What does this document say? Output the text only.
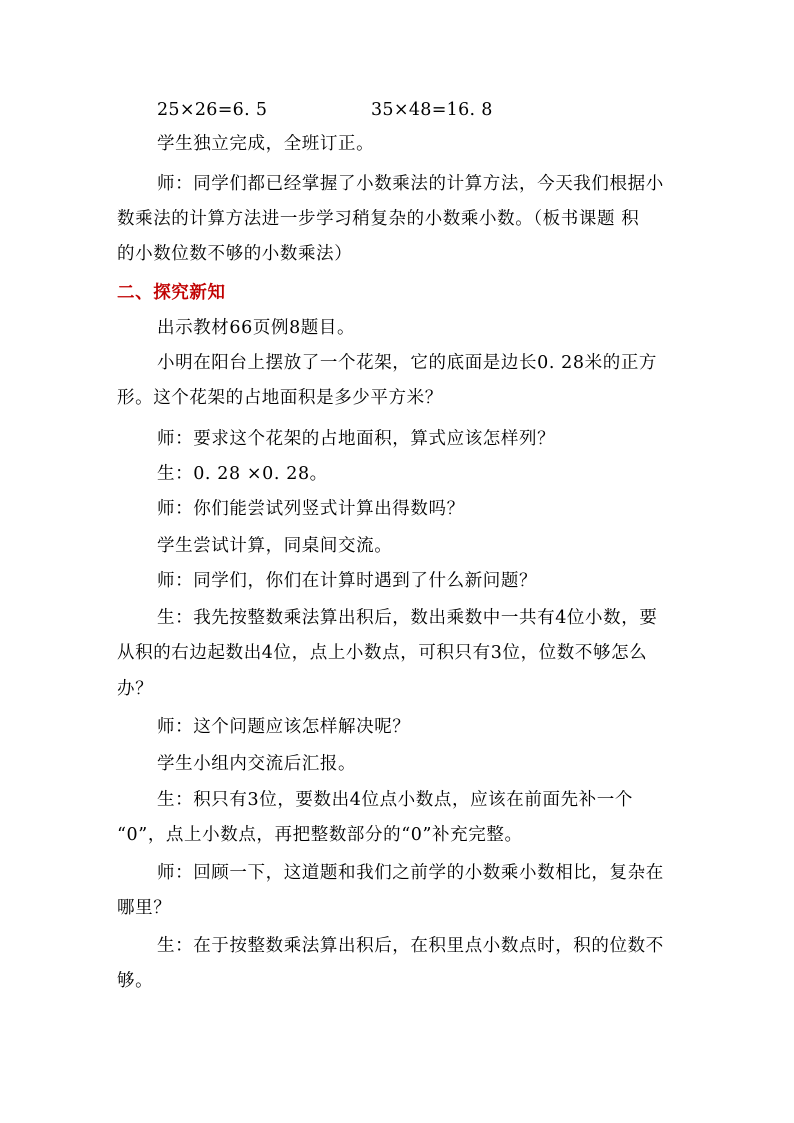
25×26=6. 5	35×48=16. 8
学生独立完成，全班订正。
师：同学们都已经掌握了小数乘法的计算方法，今天我们根据小
数乘法的计算方法进一步学习稍复杂的小数乘小数。（板书课题 积
的小数位数不够的小数乘法）
二、探究新知
出示教材66页例8题目。
小明在阳台上摆放了一个花架，它的底面是边长0. 28米的正方
形。这个花架的占地面积是多少平方米？
师：要求这个花架的占地面积，算式应该怎样列？
生：0. 28 ×0. 28。
师：你们能尝试列竖式计算出得数吗？
学生尝试计算，同桌间交流。
师：同学们，你们在计算时遇到了什么新问题？
生：我先按整数乘法算出积后，数出乘数中一共有4位小数，要
从积的右边起数出4位，点上小数点，可积只有3位，位数不够怎么
办？
师：这个问题应该怎样解决呢？
学生小组内交流后汇报。
生：积只有3位，要数出4位点小数点，应该在前面先补一个
“0”，点上小数点，再把整数部分的“0”补充完整。
师：回顾一下，这道题和我们之前学的小数乘小数相比，复杂在
哪里？
生：在于按整数乘法算出积后，在积里点小数点时，积的位数不
够。
